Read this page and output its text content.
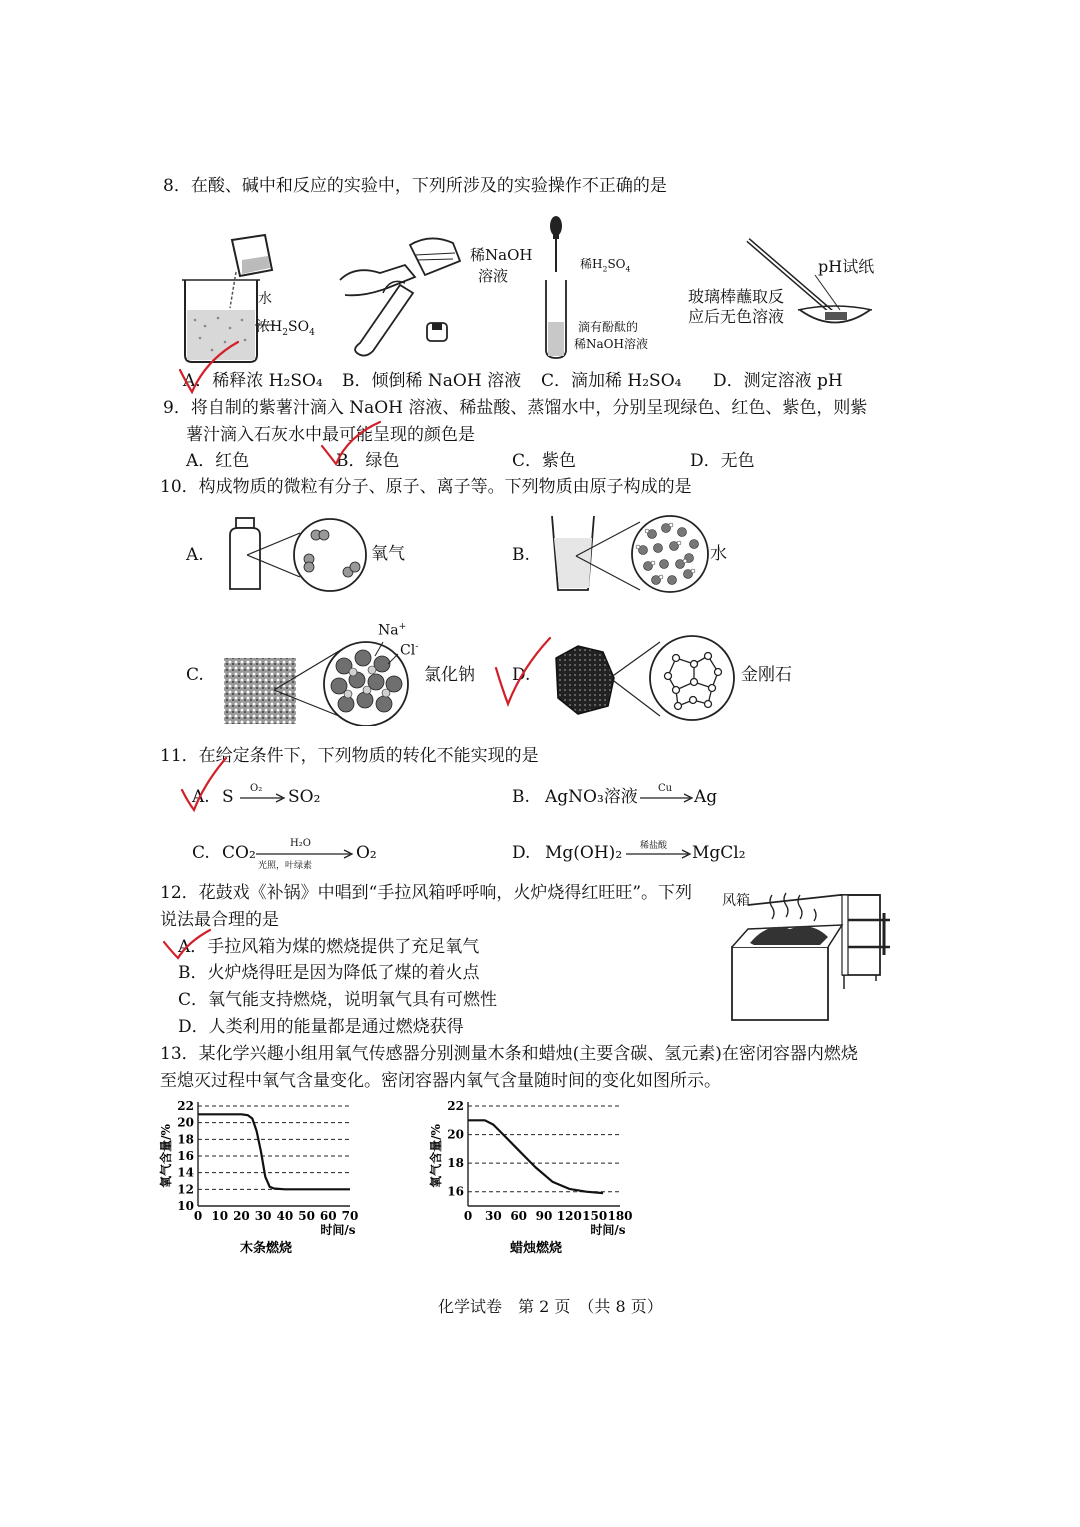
8．在酸、碱中和反应的实验中，下列所涉及的实验操作不正确的是
水
浓$H_2SO_4$
稀NaOH
溶液
稀$H_2SO_4$
滴有酚酞的
稀NaOH溶液
pH试纸
玻璃棒蘸取反
应后无色溶液
A．稀释浓 H₂SO₄ B．倾倒稀 NaOH 溶液 C．滴加稀 H₂SO₄ D．测定溶液 pH
9．将自制的紫薯汁滴入 NaOH 溶液、稀盐酸、蒸馏水中，分别呈现绿色、红色、紫色，则紫
薯汁滴入石灰水中最可能呈现的颜色是
A．红色	B．绿色	C．紫色	D．无色
10．构成物质的微粒有分子、原子、离子等。下列物质由原子构成的是
A.	氧气	B.	水
C.
Na+
Cl-
氯化钠 D.	金刚石
11．在给定条件下，下列物质的转化不能实现的是
A. S O₂ SO₂	B. AgNO₃溶液 Cu Ag
C. CO₂	H₂O
光照，叶绿素
O₂	D. Mg(OH)₂ 稀盐酸 MgCl₂
12．花鼓戏《补锅》中唱到“手拉风箱呼呼响，火炉烧得红旺旺”。下列
说法最合理的是
A．手拉风箱为煤的燃烧提供了充足氧气
B．火炉烧得旺是因为降低了煤的着火点
C．氧气能支持燃烧，说明氧气具有可燃性
D．人类利用的能量都是通过燃烧获得
风箱
13．某化学兴趣小组用氧气传感器分别测量木条和蜡烛(主要含碳、氢元素)在密闭容器内燃烧
至熄灭过程中氧气含量变化。密闭容器内氧气含量随时间的变化如图所示。
10
12
14
16
18
20
22
0 10 20 30 40 50 60 70
氧气含量/%
时间/s
木条燃烧
16
18
20
22
0 30 60 90 120 150 180
氧气含量/%
时间/s
蜡烛燃烧
化学试卷　第 2 页　（共 8 页）
